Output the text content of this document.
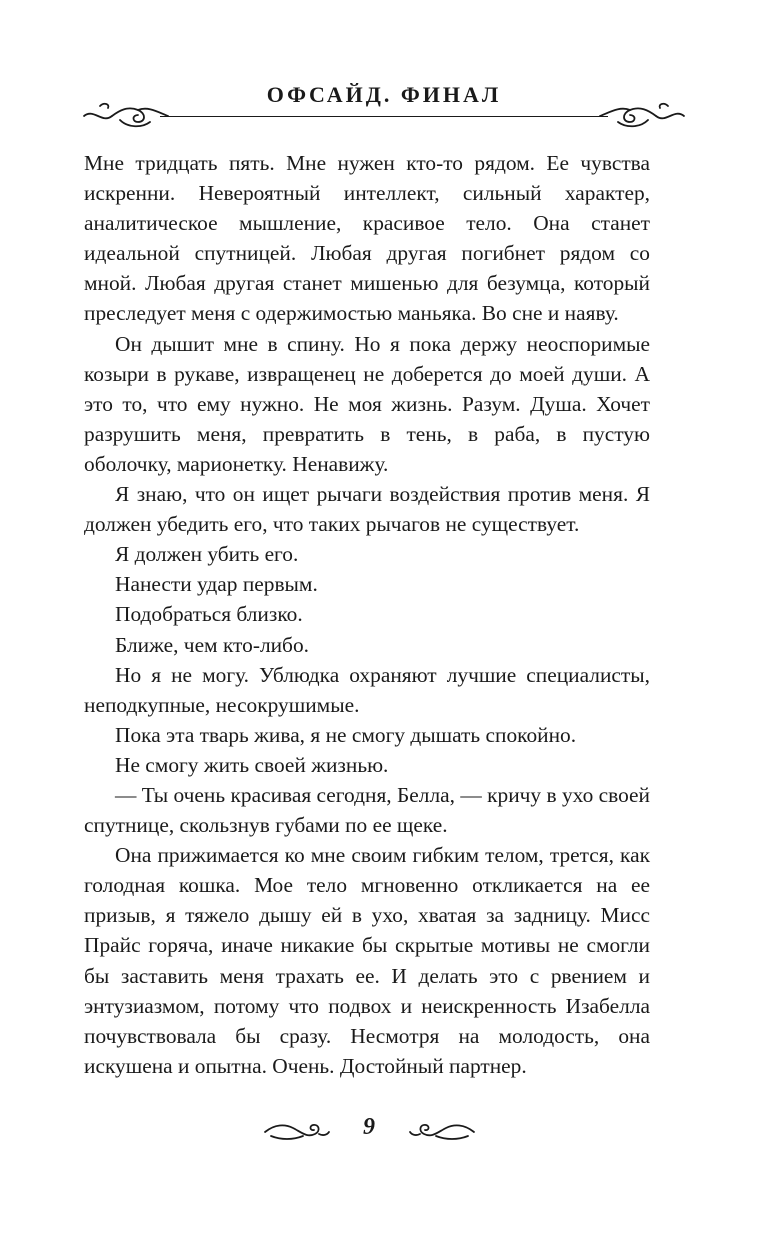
ОФСАЙД. ФИНАЛ

Мне тридцать пять. Мне нужен кто-то рядом. Ее чувства искренни. Невероятный интеллект, сильный характер, аналитическое мышление, красивое тело. Она станет идеальной спутницей. Любая другая погибнет рядом со мной. Любая другая станет мишенью для безумца, который преследует меня с одержимостью маньяка. Во сне и наяву.

Он дышит мне в спину. Но я пока держу неоспоримые козыри в рукаве, извращенец не доберется до моей души. А это то, что ему нужно. Не моя жизнь. Разум. Душа. Хочет разрушить меня, превратить в тень, в раба, в пустую оболочку, марионетку. Ненавижу.

Я знаю, что он ищет рычаги воздействия против меня. Я должен убедить его, что таких рычагов не существует.

Я должен убить его.

Нанести удар первым.

Подобраться близко.

Ближе, чем кто-либо.

Но я не могу. Ублюдка охраняют лучшие специалисты, неподкупные, несокрушимые.

Пока эта тварь жива, я не смогу дышать спокойно.

Не смогу жить своей жизнью.

— Ты очень красивая сегодня, Белла, — кричу в ухо своей спутнице, скользнув губами по ее щеке.

Она прижимается ко мне своим гибким телом, трется, как голодная кошка. Мое тело мгновенно откликается на ее призыв, я тяжело дышу ей в ухо, хватая за задницу. Мисс Прайс горяча, иначе никакие бы скрытые мотивы не смогли бы заставить меня трахать ее. И делать это с рвением и энтузиазмом, потому что подвох и неискренность Изабелла почувствовала бы сразу. Несмотря на молодость, она искушена и опытна. Очень. Достойный партнер.

9
